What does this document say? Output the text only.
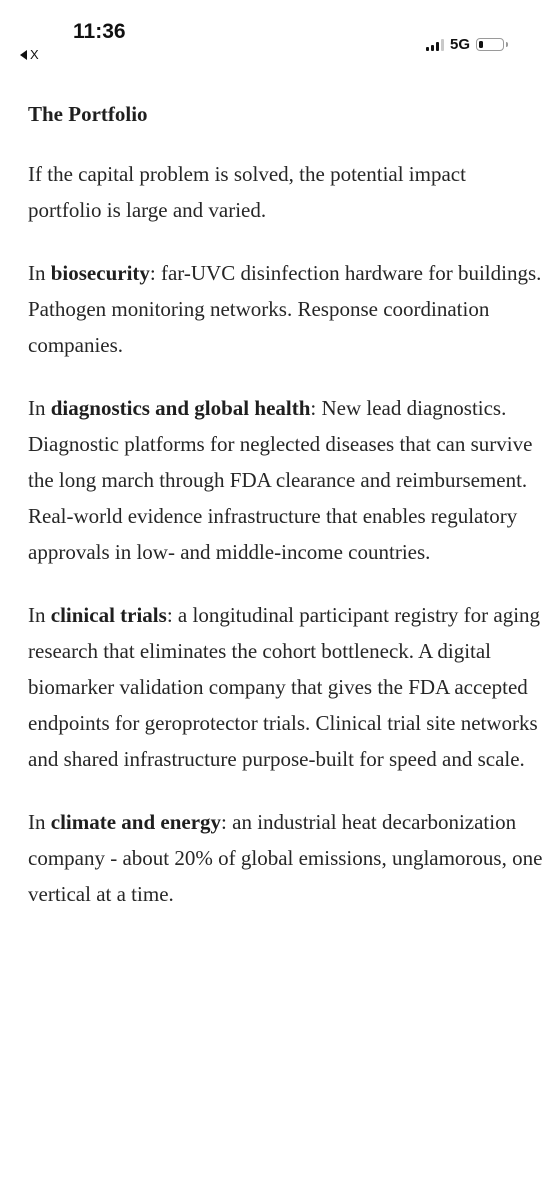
11:36
X
5G
The Portfolio

If the capital problem is solved, the potential impact portfolio is large and varied.

In biosecurity: far-UVC disinfection hardware for buildings. Pathogen monitoring networks. Response coordination companies.

In diagnostics and global health: New lead diagnostics. Diagnostic platforms for neglected diseases that can survive the long march through FDA clearance and reimbursement. Real-world evidence infrastructure that enables regulatory approvals in low- and middle-income countries.

In clinical trials: a longitudinal participant registry for aging research that eliminates the cohort bottleneck. A digital biomarker validation company that gives the FDA accepted endpoints for geroprotector trials. Clinical trial site networks and shared infrastructure purpose-built for speed and scale.

In climate and energy: an industrial heat decarbonization company - about 20% of global emissions, unglamorous, one vertical at a time.
